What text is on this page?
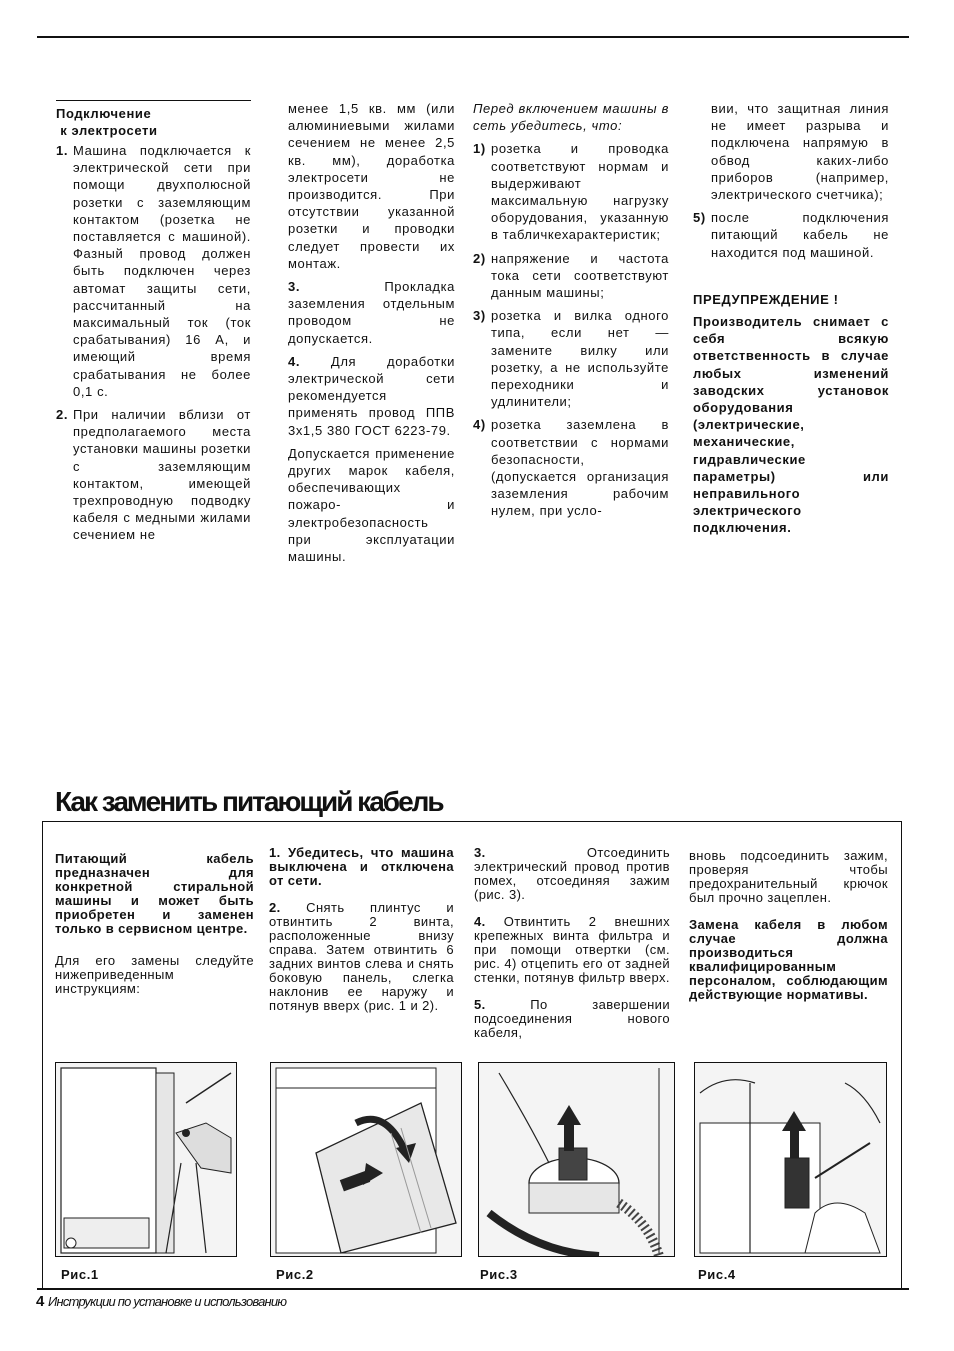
Подключение
к электросети
1. Машина подключается к электрической сети при помощи двухполюсной розетки с заземляющим контактом (розетка не поставляется с машиной). Фазный провод должен быть подключен через автомат защиты сети, рассчитанный на максимальный ток (ток срабатывания) 16 А, и имеющий время срабатывания не более 0,1 с.
2. При наличии вблизи от предполагаемого места установки машины розетки с заземляющим контактом, имеющей трехпроводную подводку кабеля с медными жилами сечением не

менее 1,5 кв. мм (или алюминиевыми жилами сечением не менее 2,5 кв. мм), доработка электросети не производится. При отсутствии указанной розетки и проводки следует провести их монтаж.

3.	Прокладка заземления отдельным проводом не допускается.
4. Для доработки электрической сети рекомендуется применять провод ППВ 3х1,5 380 ГОСТ 6223-79.

Допускается применение других марок кабеля, обеспечивающих пожаро- и электробезопасность при эксплуатации машины.

Перед включением машины в сеть убедитесь, что:

1) розетка и проводка соответствуют нормам и выдерживают максимальную нагрузку оборудования, указанную в табличкехарактеристик;
2) напряжение и частота тока сети соответствуют данным машины;
3) розетка и вилка одного типа, если нет — замените вилку или розетку, а не используйте переходники и удлинители;
4) розетка заземлена в соответствии с нормами безопасности, (допускается организация заземления рабочим нулем, при усло-

вии, что защитная линия не имеет разрыва и подключена напрямую в обвод каких-либо приборов (например, электрического счетчика);

5) после подключения питающий кабель не находится под машиной.
ПРЕДУПРЕЖДЕНИЕ !

Производитель снимает с себя всякую ответственность в случае любых изменений заводских установок оборудования (электрические, механические, гидравлические параметры) или неправильного электрического подключения.

Как заменить питающий кабель

Питающий кабель предназначен для конкретной стиральной машины и может быть приобретен и заменен только в сервисном центре.

Для его замены следуйте нижеприведенным инструкциям:

1. Убедитесь, что машина выключена и отключена от сети.

2. Снять плинтус и отвинтить 2 винта, расположенные внизу справа. Затем отвинтить 6 задних винтов слева и снять боковую панель, слегка наклонив ее наружу и потянув вверх (рис. 1 и 2).

3.	Отсоединить электрический провод против помех, отсоединяя зажим (рис. 3).

4. Отвинтить 2 внешних крепежных винта фильтра и при помощи отвертки (см. рис. 4) отцепить его от задней стенки, потянув фильтр вверх.

5.	По завершении подсоединения нового кабеля,

вновь подсоединить зажим, проверяя чтобы предохранительный крючок был прочно зацеплен.

Замена кабеля в любом случае должна производиться квалифицированным персоналом, соблюдающим действующие нормативы.

Рис.1	Рис.2	Рис.3	Рис.4
4 Инструкции по установке и использованию
